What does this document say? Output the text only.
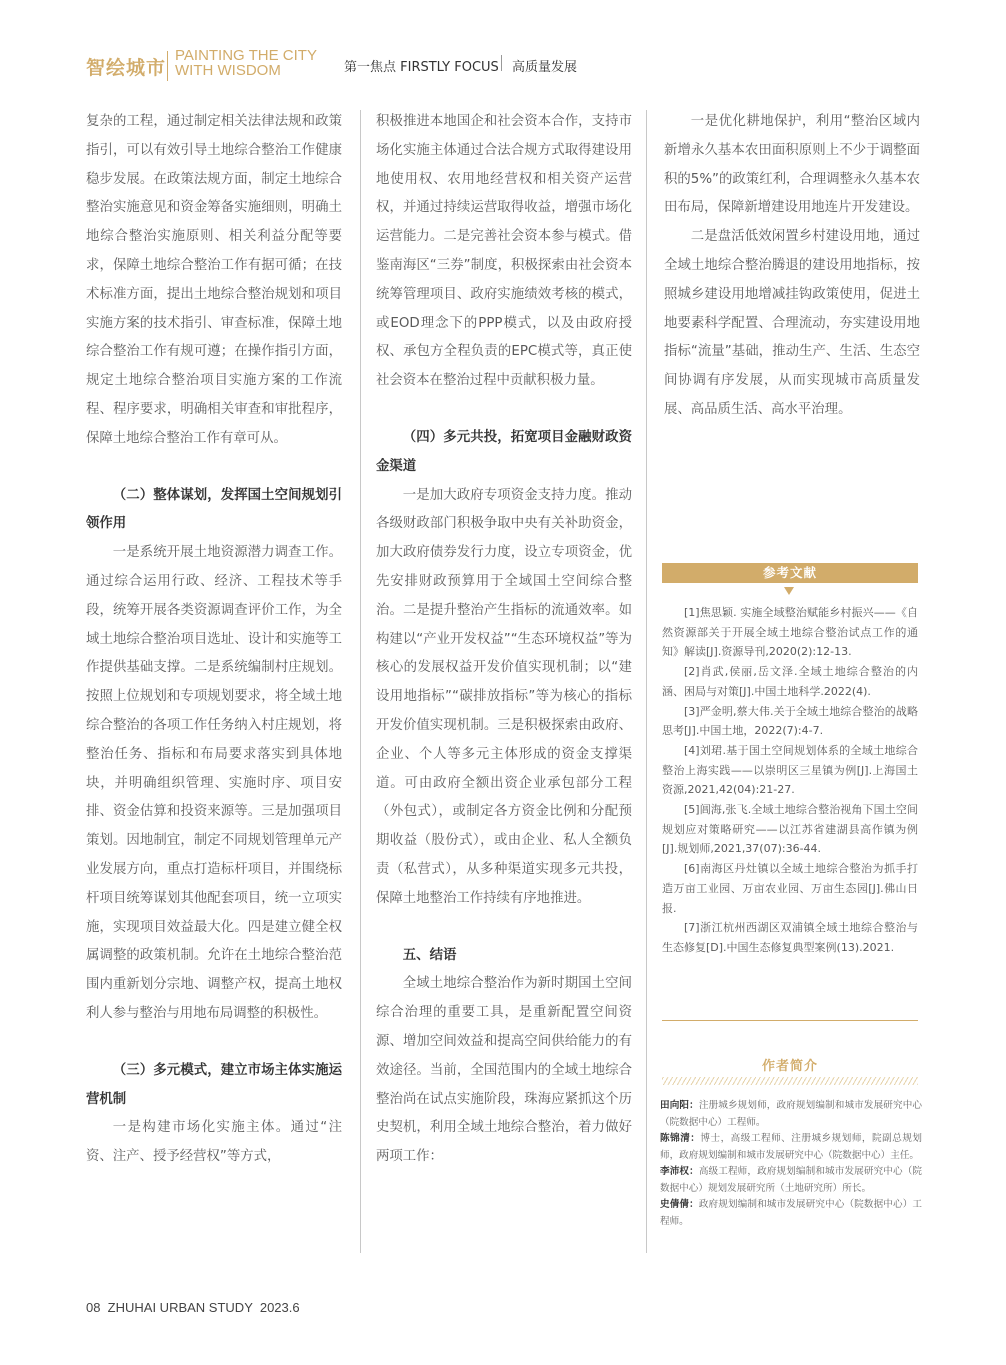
智绘城市
PAINTING THE CITY
WITH WISDOM	第一焦点 FIRSTLY FOCUS 高质量发展

复杂的工程，通过制定相关法律法规和政策指引，可以有效引导土地综合整治工作健康稳步发展。在政策法规方面，制定土地综合整治实施意见和资金筹备实施细则，明确土地综合整治实施原则、相关利益分配等要求，保障土地综合整治工作有据可循；在技术标准方面，提出土地综合整治规划和项目实施方案的技术指引、审查标准，保障土地综合整治工作有规可遵；在操作指引方面，规定土地综合整治项目实施方案的工作流程、程序要求，明确相关审查和审批程序，保障土地综合整治工作有章可从。

（二）整体谋划，发挥国土空间规划引领作用

一是系统开展土地资源潜力调查工作。通过综合运用行政、经济、工程技术等手段，统筹开展各类资源调查评价工作，为全域土地综合整治项目选址、设计和实施等工作提供基础支撑。二是系统编制村庄规划。按照上位规划和专项规划要求，将全域土地综合整治的各项工作任务纳入村庄规划，将整治任务、指标和布局要求落实到具体地块，并明确组织管理、实施时序、项目安排、资金估算和投资来源等。三是加强项目策划。因地制宜，制定不同规划管理单元产业发展方向，重点打造标杆项目，并围绕标杆项目统筹谋划其他配套项目，统一立项实施，实现项目效益最大化。四是建立健全权属调整的政策机制。允许在土地综合整治范围内重新划分宗地、调整产权，提高土地权利人参与整治与用地布局调整的积极性。

（三）多元模式，建立市场主体实施运营机制

一是构建市场化实施主体。通过“注资、注产、授予经营权”等方式，

积极推进本地国企和社会资本合作，支持市场化实施主体通过合法合规方式取得建设用地使用权、农用地经营权和相关资产运营权，并通过持续运营取得收益，增强市场化运营能力。二是完善社会资本参与模式。借鉴南海区“三券”制度，积极探索由社会资本统筹管理项目、政府实施绩效考核的模式，或EOD理念下的PPP模式，以及由政府授权、承包方全程负责的EPC模式等，真正使社会资本在整治过程中贡献积极力量。

（四）多元共投，拓宽项目金融财政资金渠道

一是加大政府专项资金支持力度。推动各级财政部门积极争取中央有关补助资金，加大政府债券发行力度，设立专项资金，优先安排财政预算用于全域国土空间综合整治。二是提升整治产生指标的流通效率。如构建以“产业开发权益”“生态环境权益”等为核心的发展权益开发价值实现机制；以“建设用地指标”“碳排放指标”等为核心的指标开发价值实现机制。三是积极探索由政府、企业、个人等多元主体形成的资金支撑渠道。可由政府全额出资企业承包部分工程（外包式），或制定各方资金比例和分配预期收益（股份式），或由企业、私人全额负责（私营式），从多种渠道实现多元共投，保障土地整治工作持续有序地推进。

五、结语

全域土地综合整治作为新时期国土空间综合治理的重要工具，是重新配置空间资源、增加空间效益和提高空间供给能力的有效途径。当前，全国范围内的全域土地综合整治尚在试点实施阶段，珠海应紧抓这个历史契机，利用全域土地综合整治，着力做好两项工作：

一是优化耕地保护，利用“整治区域内新增永久基本农田面积原则上不少于调整面积的5%”的政策红利，合理调整永久基本农田布局，保障新增建设用地连片开发建设。

二是盘活低效闲置乡村建设用地，通过全域土地综合整治腾退的建设用地指标，按照城乡建设用地增减挂钩政策使用，促进土地要素科学配置、合理流动，夯实建设用地指标“流量”基础，推动生产、生活、生态空间协调有序发展，从而实现城市高质量发展、高品质生活、高水平治理。

参考文献

[1]焦思颖. 实施全域整治赋能乡村振兴——《自然资源部关于开展全域土地综合整治试点工作的通知》解读[J].资源导刊,2020(2):12-13.

[2]肖武,侯丽,岳文泽.全域土地综合整治的内涵、困局与对策[J].中国土地科学.2022(4).

[3]严金明,蔡大伟.关于全域土地综合整治的战略思考[J].中国土地，2022(7):4-7.

[4]刘珺.基于国土空间规划体系的全域土地综合整治上海实践——以崇明区三星镇为例[J].上海国土资源,2021,42(04):21-27.

[5]阊海,张飞.全域土地综合整治视角下国土空间规划应对策略研究——以江苏省建湖县高作镇为例[J].规划师,2021,37(07):36-44.

[6]南海区丹灶镇以全域土地综合整治为抓手打造万亩工业园、万亩农业园、万亩生态园[J].佛山日报.

[7]浙江杭州西湖区双浦镇全域土地综合整治与生态修复[D].中国生态修复典型案例(13).2021.

作者简介

田向阳：注册城乡规划师，政府规划编制和城市发展研究中心（院数据中心）工程师。

陈锦清：博士，高级工程师、注册城乡规划师，院副总规划师，政府规划编制和城市发展研究中心（院数据中心）主任。

李沛权：高级工程师，政府规划编制和城市发展研究中心（院数据中心）规划发展研究所（土地研究所）所长。

史倩倩：政府规划编制和城市发展研究中心（院数据中心）工程师。

08  ZHUHAI URBAN STUDY  2023.6
